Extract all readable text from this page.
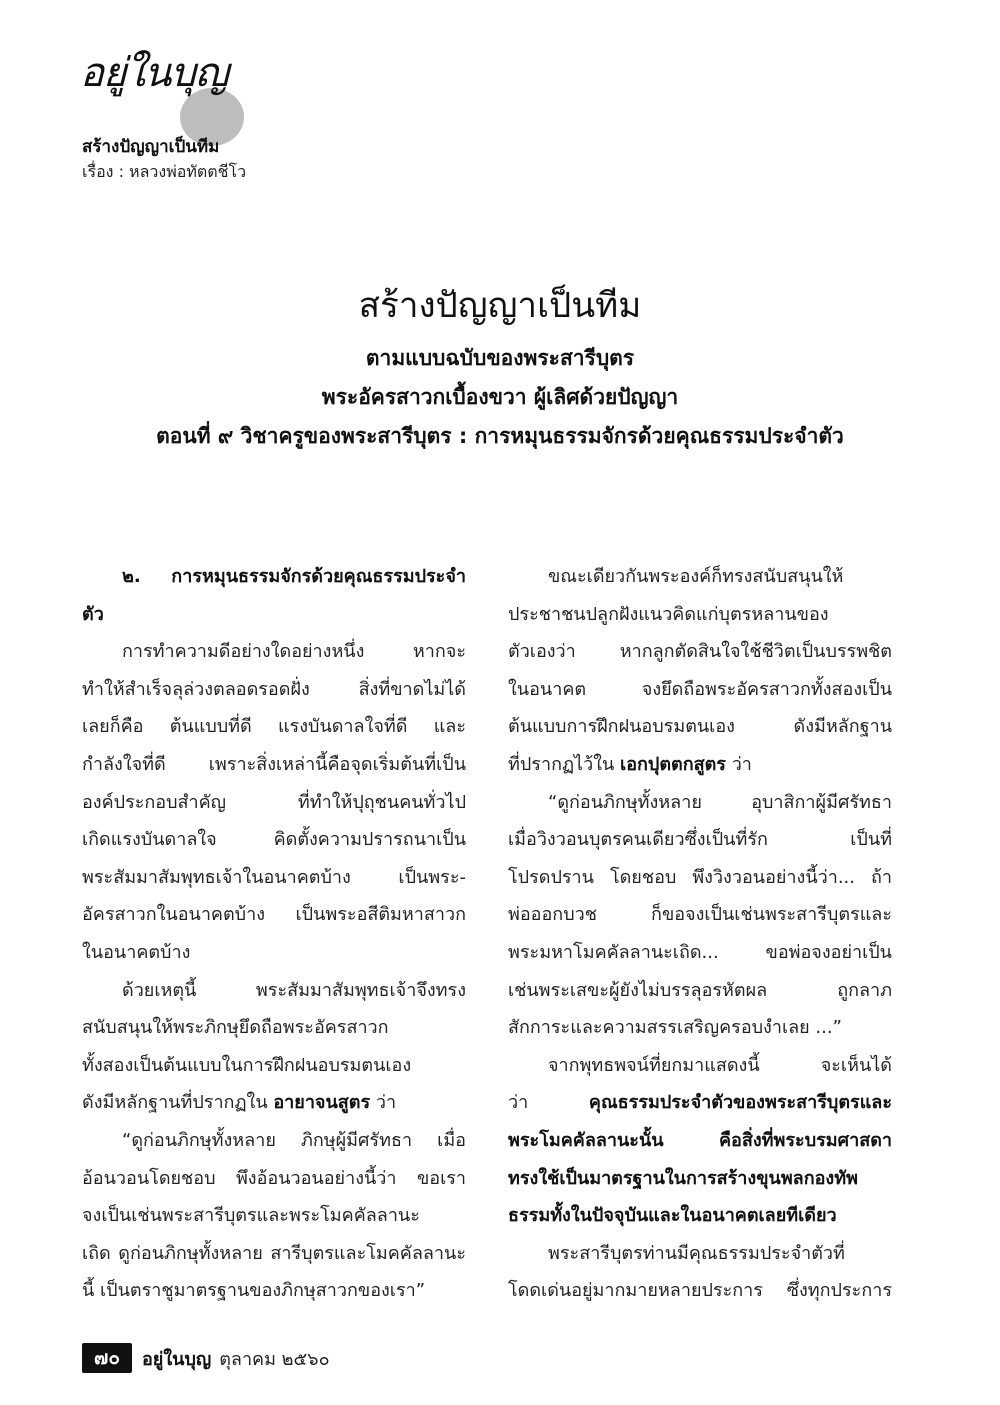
อยู่ในบุญ
สร้างปัญญาเป็นทีม
เรื่อง : หลวงพ่อทัตตชีโว
สร้างปัญญาเป็นทีม
ตามแบบฉบับของพระสารีบุตร
พระอัครสาวกเบื้องขวา ผู้เลิศด้วยปัญญา
ตอนที่ ๙ วิชาครูของพระสารีบุตร : การหมุนธรรมจักรด้วยคุณธรรมประจำตัว
๒. การหมุนธรรมจักรด้วยคุณธรรมประจำ
ตัว
การทำความดีอย่างใดอย่างหนึ่ง หากจะ
ทำให้สำเร็จลุล่วงตลอดรอดฝั่ง สิ่งที่ขาดไม่ได้
เลยก็คือ ต้นแบบที่ดี แรงบันดาลใจที่ดี และ
กำลังใจที่ดี เพราะสิ่งเหล่านี้คือจุดเริ่มต้นที่เป็น
องค์ประกอบสำคัญ ที่ทำให้ปุถุชนคนทั่วไป
เกิดแรงบันดาลใจ คิดตั้งความปรารถนาเป็น
พระสัมมาสัมพุทธเจ้าในอนาคตบ้าง เป็นพระ-
อัครสาวกในอนาคตบ้าง เป็นพระอสีติมหาสาวก
ในอนาคตบ้าง
ด้วยเหตุนี้ พระสัมมาสัมพุทธเจ้าจึงทรง
สนับสนุนให้พระภิกษุยึดถือพระอัครสาวก
ทั้งสองเป็นต้นแบบในการฝึกฝนอบรมตนเอง
ดังมีหลักฐานที่ปรากฏใน อายาจนสูตร ว่า
“ดูก่อนภิกษุทั้งหลาย ภิกษุผู้มีศรัทธา เมื่อ
อ้อนวอนโดยชอบ พึงอ้อนวอนอย่างนี้ว่า ขอเรา
จงเป็นเช่นพระสารีบุตรและพระโมคคัลลานะ
เถิด ดูก่อนภิกษุทั้งหลาย สารีบุตรและโมคคัลลานะ
นี้ เป็นตราชูมาตรฐานของภิกษุสาวกของเรา”
ขณะเดียวกันพระองค์ก็ทรงสนับสนุนให้
ประชาชนปลูกฝังแนวคิดแก่บุตรหลานของ
ตัวเองว่า หากลูกตัดสินใจใช้ชีวิตเป็นบรรพชิต
ในอนาคต จงยึดถือพระอัครสาวกทั้งสองเป็น
ต้นแบบการฝึกฝนอบรมตนเอง ดังมีหลักฐาน
ที่ปรากฏไว้ใน เอกปุตตกสูตร ว่า
“ดูก่อนภิกษุทั้งหลาย อุบาสิกาผู้มีศรัทธา
เมื่อวิงวอนบุตรคนเดียวซึ่งเป็นที่รัก เป็นที่
โปรดปราน โดยชอบ พึงวิงวอนอย่างนี้ว่า... ถ้า
พ่อออกบวช ก็ขอจงเป็นเช่นพระสารีบุตรและ
พระมหาโมคคัลลานะเถิด... ขอพ่อจงอย่าเป็น
เช่นพระเสขะผู้ยังไม่บรรลุอรหัตผล ถูกลาภ
สักการะและความสรรเสริญครอบงำเลย ...”
จากพุทธพจน์ที่ยกมาแสดงนี้ จะเห็นได้
ว่า	คุณธรรมประจำตัวของพระสารีบุตรและ
พระโมคคัลลานะนั้น คือสิ่งที่พระบรมศาสดา
ทรงใช้เป็นมาตรฐานในการสร้างขุนพลกองทัพ
ธรรมทั้งในปัจจุบันและในอนาคตเลยทีเดียว
พระสารีบุตรท่านมีคุณธรรมประจำตัวที่
โดดเด่นอยู่มากมายหลายประการ ซึ่งทุกประการ
๗๐	อยู่ในบุญ ตุลาคม ๒๕๖๐
